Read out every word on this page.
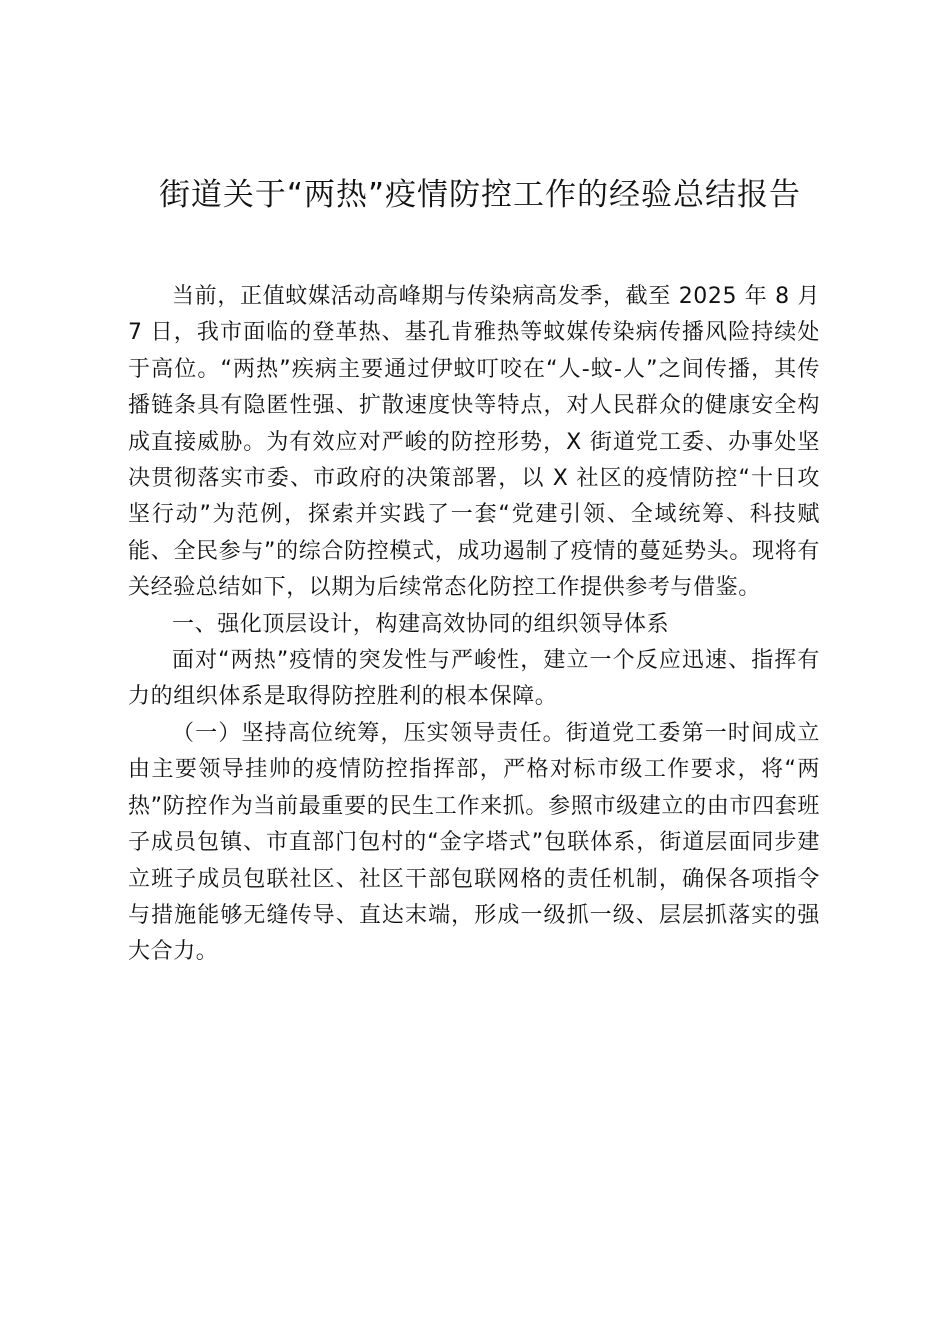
街道关于“两热”疫情防控工作的经验总结报告

当前，正值蚊媒活动高峰期与传染病高发季，截至 2025 年 8 月 7 日，我市面临的登革热、基孔肯雅热等蚊媒传染病传播风险持续处于高位。“两热”疾病主要通过伊蚊叮咬在“人-蚊-人”之间传播，其传播链条具有隐匿性强、扩散速度快等特点，对人民群众的健康安全构成直接威胁。为有效应对严峻的防控形势，X 街道党工委、办事处坚决贯彻落实市委、市政府的决策部署，以 X 社区的疫情防控“十日攻坚行动”为范例，探索并实践了一套“党建引领、全域统筹、科技赋能、全民参与”的综合防控模式，成功遏制了疫情的蔓延势头。现将有关经验总结如下，以期为后续常态化防控工作提供参考与借鉴。

一、强化顶层设计，构建高效协同的组织领导体系

面对“两热”疫情的突发性与严峻性，建立一个反应迅速、指挥有力的组织体系是取得防控胜利的根本保障。

（一）坚持高位统筹，压实领导责任。街道党工委第一时间成立由主要领导挂帅的疫情防控指挥部，严格对标市级工作要求，将“两热”防控作为当前最重要的民生工作来抓。参照市级建立的由市四套班子成员包镇、市直部门包村的“金字塔式”包联体系，街道层面同步建立班子成员包联社区、社区干部包联网格的责任机制，确保各项指令与措施能够无缝传导、直达末端，形成一级抓一级、层层抓落实的强大合力。
